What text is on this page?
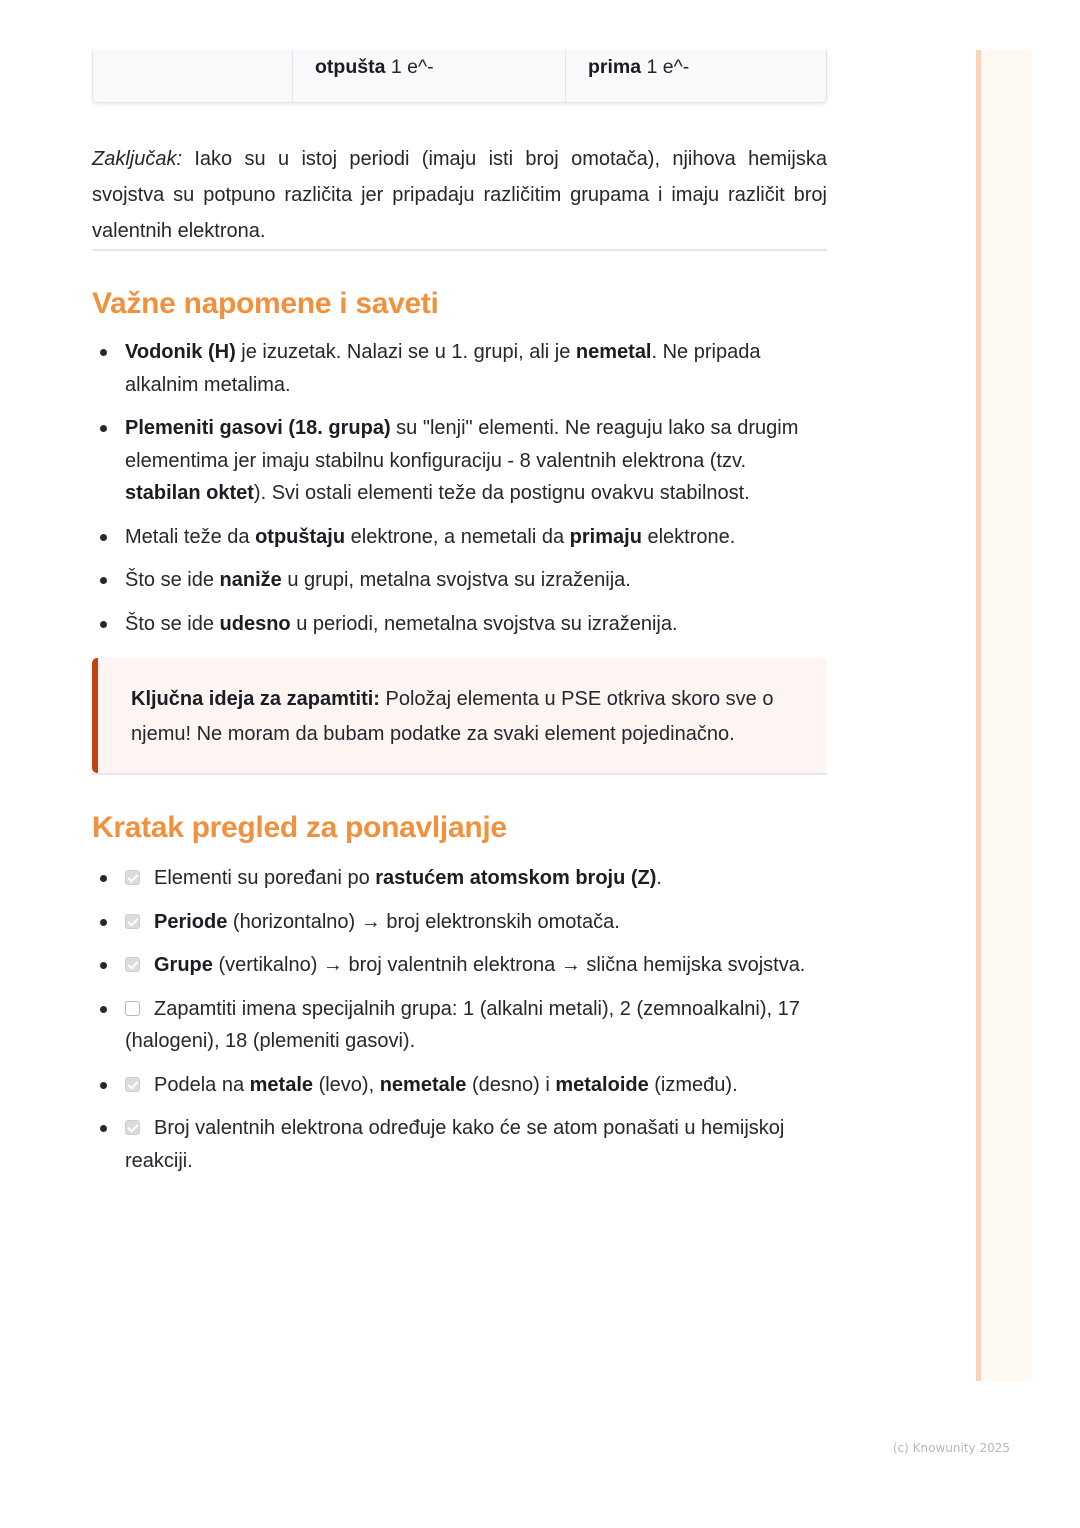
otpušta 1 e^-	prima 1 e^-

Zaključak: Iako su u istoj periodi (imaju isti broj omotača), njihova hemijska svojstva su potpuno različita jer pripadaju različitim grupama i imaju različit broj valentnih elektrona.

Važne napomene i saveti
Vodonik (H) je izuzetak. Nalazi se u 1. grupi, ali je nemetal. Ne pripada alkalnim metalima.
Plemeniti gasovi (18. grupa) su "lenji" elementi. Ne reaguju lako sa drugim elementima jer imaju stabilnu konfiguraciju - 8 valentnih elektrona (tzv. stabilan oktet). Svi ostali elementi teže da postignu ovakvu stabilnost.
Metali teže da otpuštaju elektrone, a nemetali da primaju elektrone.
Što se ide naniže u grupi, metalna svojstva su izraženija.
Što se ide udesno u periodi, nemetalna svojstva su izraženija.
Ključna ideja za zapamtiti: Položaj elementa u PSE otkriva skoro sve o njemu! Ne moram da bubam podatke za svaki element pojedinačno.
Kratak pregled za ponavljanje
Elementi su poređani po rastućem atomskom broju (Z).
Periode (horizontalno) → broj elektronskih omotača.
Grupe (vertikalno) → broj valentnih elektrona → slična hemijska svojstva.
Zapamtiti imena specijalnih grupa: 1 (alkalni metali), 2 (zemnoalkalni), 17 (halogeni), 18 (plemeniti gasovi).
Podela na metale (levo), nemetale (desno) i metaloide (između).
Broj valentnih elektrona određuje kako će se atom ponašati u hemijskoj reakciji.
(c) Knowunity 2025
